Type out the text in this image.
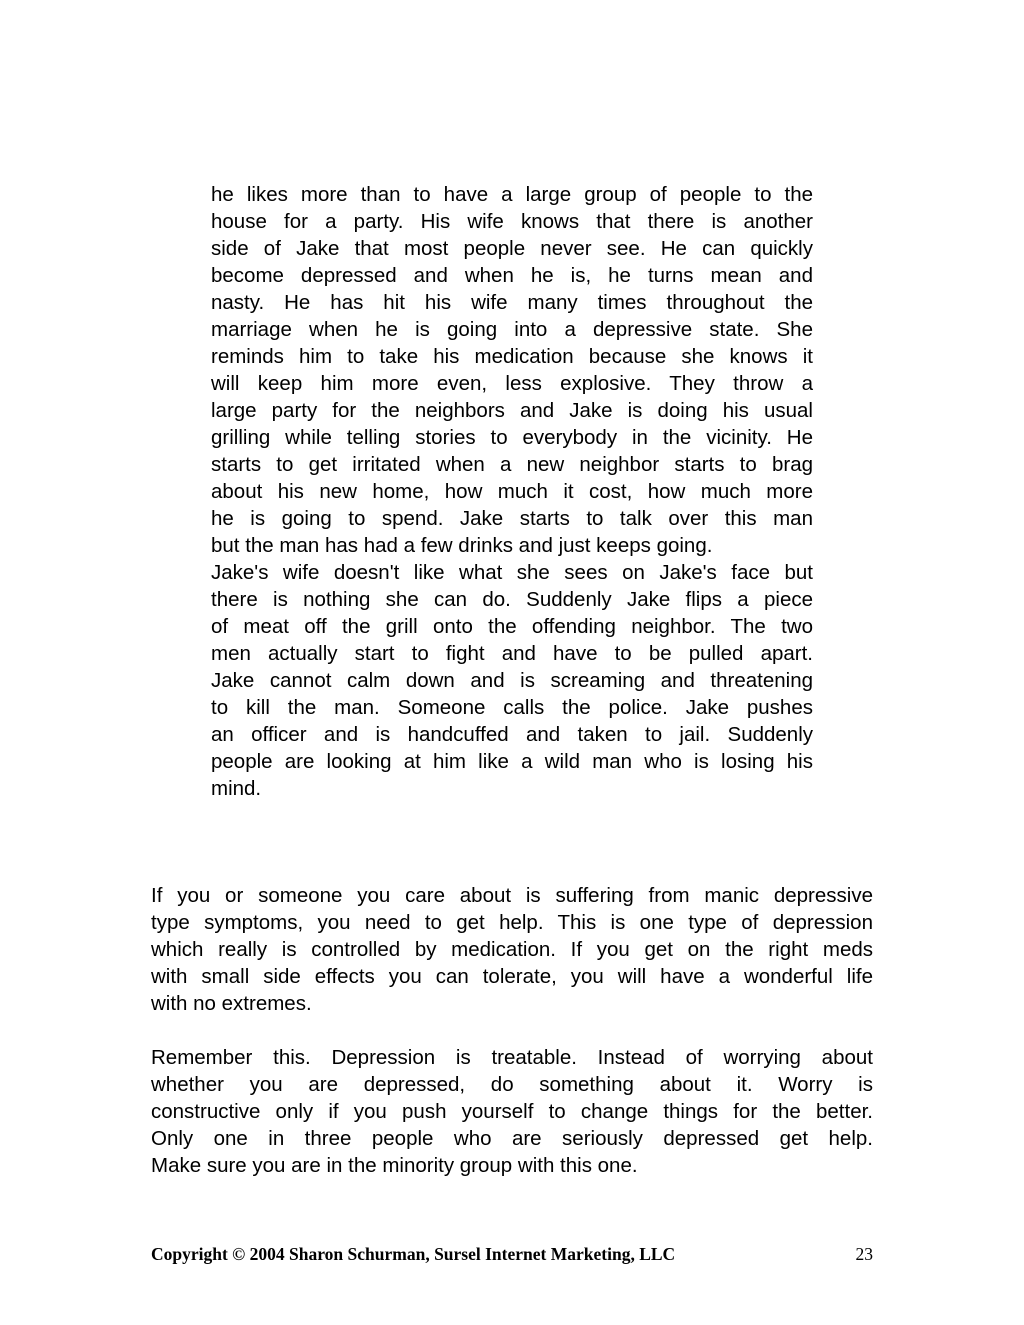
he likes more than to have a large group of people to the
house for a party. His wife knows that there is another
side of Jake that most people never see. He can quickly
become depressed and when he is, he turns mean and
nasty. He has hit his wife many times throughout the
marriage when he is going into a depressive state. She
reminds him to take his medication because she knows it
will keep him more even, less explosive. They throw a
large party for the neighbors and Jake is doing his usual
grilling while telling stories to everybody in the vicinity. He
starts to get irritated when a new neighbor starts to brag
about his new home, how much it cost, how much more
he is going to spend. Jake starts to talk over this man
but the man has had a few drinks and just keeps going.
Jake's wife doesn't like what she sees on Jake's face but
there is nothing she can do. Suddenly Jake flips a piece
of meat off the grill onto the offending neighbor. The two
men actually start to fight and have to be pulled apart.
Jake cannot calm down and is screaming and threatening
to kill the man. Someone calls the police. Jake pushes
an officer and is handcuffed and taken to jail. Suddenly
people are looking at him like a wild man who is losing his
mind.
If you or someone you care about is suffering from manic depressive
type symptoms, you need to get help. This is one type of depression
which really is controlled by medication. If you get on the right meds
with small side effects you can tolerate, you will have a wonderful life
with no extremes.
Remember this. Depression is treatable. Instead of worrying about
whether you are depressed, do something about it. Worry is
constructive only if you push yourself to change things for the better.
Only one in three people who are seriously depressed get help.
Make sure you are in the minority group with this one.
Copyright © 2004 Sharon Schurman, Sursel Internet Marketing, LLC	23
